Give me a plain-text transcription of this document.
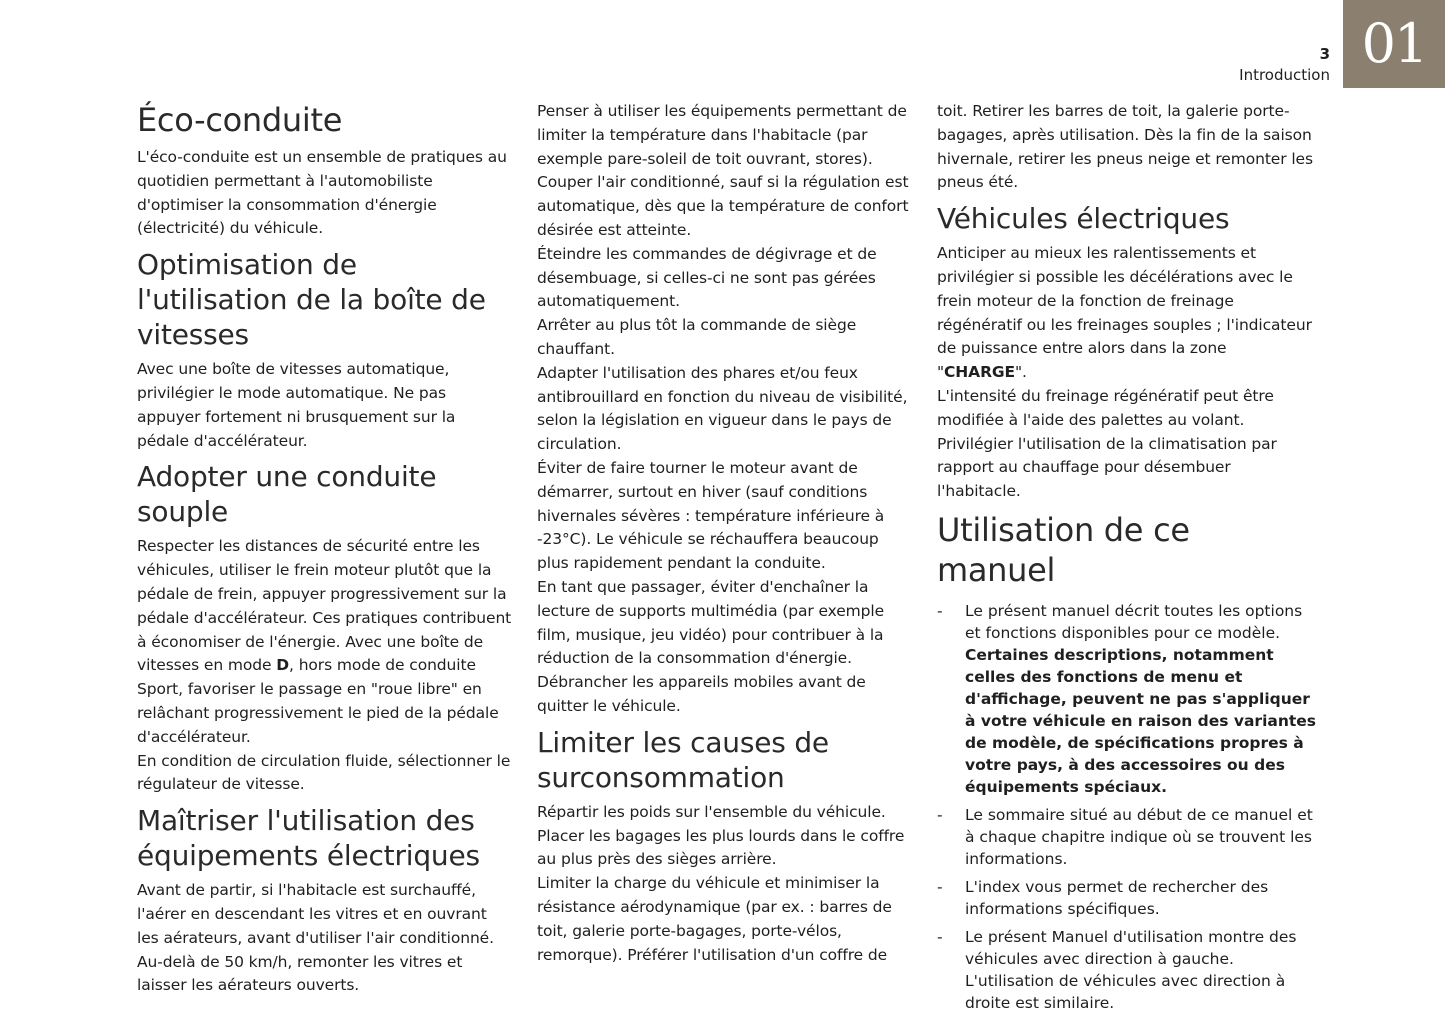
01
3
Introduction
Éco-conduite

L'éco-conduite est un ensemble de pratiques au quotidien permettant à l'automobiliste d'optimiser la consommation d'énergie (électricité) du véhicule.

Optimisation de l'utilisation de la boîte de vitesses

Avec une boîte de vitesses automatique, privilégier le mode automatique. Ne pas appuyer fortement ni brusquement sur la pédale d'accélérateur.

Adopter une conduite souple

Respecter les distances de sécurité entre les véhicules, utiliser le frein moteur plutôt que la pédale de frein, appuyer progressivement sur la pédale d'accélérateur. Ces pratiques contribuent à économiser de l'énergie. Avec une boîte de vitesses en mode D, hors mode de conduite Sport, favoriser le passage en "roue libre" en relâchant progressivement le pied de la pédale d'accélérateur.

En condition de circulation fluide, sélectionner le régulateur de vitesse.

Maîtriser l'utilisation des équipements électriques

Avant de partir, si l'habitacle est surchauffé, l'aérer en descendant les vitres et en ouvrant les aérateurs, avant d'utiliser l'air conditionné. Au-delà de 50 km/h, remonter les vitres et laisser les aérateurs ouverts.

Penser à utiliser les équipements permettant de limiter la température dans l'habitacle (par exemple pare-soleil de toit ouvrant, stores).

Couper l'air conditionné, sauf si la régulation est automatique, dès que la température de confort désirée est atteinte.

Éteindre les commandes de dégivrage et de désembuage, si celles-ci ne sont pas gérées automatiquement.

Arrêter au plus tôt la commande de siège chauffant.

Adapter l'utilisation des phares et/ou feux antibrouillard en fonction du niveau de visibilité, selon la législation en vigueur dans le pays de circulation.

Éviter de faire tourner le moteur avant de démarrer, surtout en hiver (sauf conditions hivernales sévères : température inférieure à -23°C). Le véhicule se réchauffera beaucoup plus rapidement pendant la conduite.

En tant que passager, éviter d'enchaîner la lecture de supports multimédia (par exemple film, musique, jeu vidéo) pour contribuer à la réduction de la consommation d'énergie.

Débrancher les appareils mobiles avant de quitter le véhicule.

Limiter les causes de surconsommation

Répartir les poids sur l'ensemble du véhicule.

Placer les bagages les plus lourds dans le coffre au plus près des sièges arrière.

Limiter la charge du véhicule et minimiser la résistance aérodynamique (par ex. : barres de toit, galerie porte-bagages, porte-vélos, remorque). Préférer l'utilisation d'un coffre de

toit. Retirer les barres de toit, la galerie porte-bagages, après utilisation. Dès la fin de la saison hivernale, retirer les pneus neige et remonter les pneus été.

Véhicules électriques

Anticiper au mieux les ralentissements et privilégier si possible les décélérations avec le frein moteur de la fonction de freinage régénératif ou les freinages souples ; l'indicateur de puissance entre alors dans la zone "CHARGE".

L'intensité du freinage régénératif peut être modifiée à l'aide des palettes au volant.

Privilégier l'utilisation de la climatisation par rapport au chauffage pour désembuer l'habitacle.

Utilisation de ce manuel
- Le présent manuel décrit toutes les options et fonctions disponibles pour ce modèle. Certaines descriptions, notamment celles des fonctions de menu et d'affichage, peuvent ne pas s'appliquer à votre véhicule en raison des variantes de modèle, de spécifications propres à votre pays, à des accessoires ou des équipements spéciaux.
- Le sommaire situé au début de ce manuel et à chaque chapitre indique où se trouvent les informations.
- L'index vous permet de rechercher des informations spécifiques.
- Le présent Manuel d'utilisation montre des véhicules avec direction à gauche. L'utilisation de véhicules avec direction à droite est similaire.
